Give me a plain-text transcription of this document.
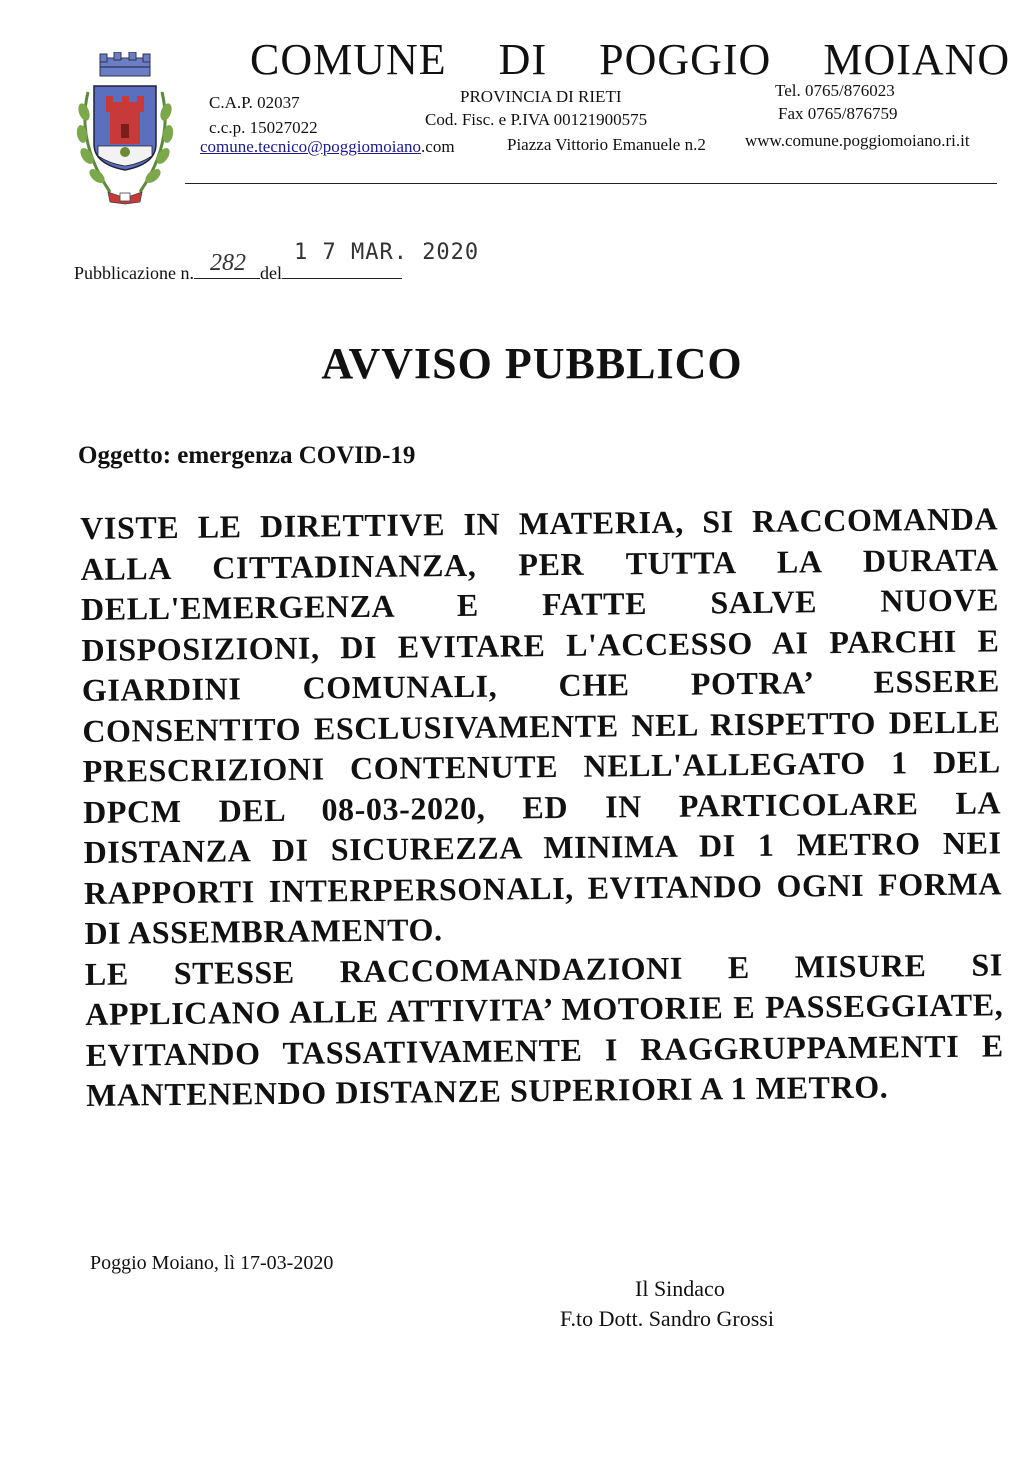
COMUNE DI POGGIO MOIANO
C.A.P. 02037
c.c.p. 15027022
PROVINCIA DI RIETI
Cod. Fisc. e P.IVA 00121900575
Tel. 0765/876023
Fax 0765/876759
comune.tecnico@poggiomoiano.com	Piazza Vittorio Emanuele n.2 www.comune.poggiomoiano.ri.it
Pubblicazione n. 282 del
1 7 MAR. 2020
AVVISO PUBBLICO
Oggetto: emergenza COVID-19

VISTE LE DIRETTIVE IN MATERIA, SI RACCOMANDA ALLA CITTADINANZA, PER TUTTA LA DURATA DELL'EMERGENZA E FATTE SALVE NUOVE DISPOSIZIONI, DI EVITARE L'ACCESSO AI PARCHI E GIARDINI COMUNALI, CHE POTRA’ ESSERE CONSENTITO ESCLUSIVAMENTE NEL RISPETTO DELLE PRESCRIZIONI CONTENUTE NELL'ALLEGATO 1 DEL DPCM DEL 08-03-2020, ED IN PARTICOLARE LA DISTANZA DI SICUREZZA MINIMA DI 1 METRO NEI RAPPORTI INTERPERSONALI, EVITANDO OGNI FORMA DI ASSEMBRAMENTO.

LE STESSE RACCOMANDAZIONI E MISURE SI APPLICANO ALLE ATTIVITA’ MOTORIE E PASSEGGIATE, EVITANDO TASSATIVAMENTE I RAGGRUPPAMENTI E MANTENENDO DISTANZE SUPERIORI A 1 METRO.

Poggio Moiano, lì 17-03-2020
Il Sindaco
F.to Dott. Sandro Grossi
